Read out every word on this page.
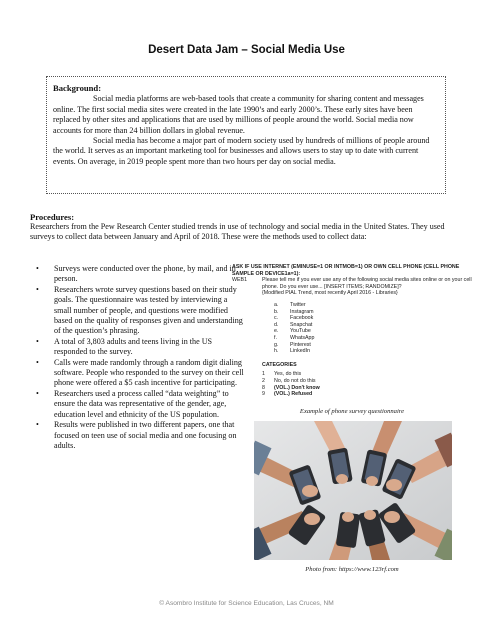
Desert Data Jam – Social Media Use
Background:

Social media platforms are web-based tools that create a community for sharing content and messages online. The first social media sites were created in the late 1990’s and early 2000’s. These early sites have been replaced by other sites and applications that are used by millions of people around the world. Social media now accounts for more than 24 billion dollars in global revenue.

Social media has become a major part of modern society used by hundreds of millions of people around the world. It serves as an important marketing tool for businesses and allows users to stay up to date with current events. On average, in 2019 people spent more than two hours per day on social media.

Procedures:
Researchers from the Pew Research Center studied trends in use of technology and social media in the United States. They used surveys to collect data between January and April of 2018. These were the methods used to collect data:
• Surveys were conducted over the phone, by mail, and in person.
• Researchers wrote survey questions based on their study goals. The questionnaire was tested by interviewing a small number of people, and questions were modified based on the quality of responses given and understanding of the question’s phrasing.
• A total of 3,803 adults and teens living in the US responded to the survey.
• Calls were made randomly through a random digit dialing software. People who responded to the survey on their cell phone were offered a $5 cash incentive for participating.
• Researchers used a process called “data weighting” to ensure the data was representative of the gender, age, education level and ethnicity of the US population.
• Results were published in two different papers, one that focused on teen use of social media and one focusing on adults.
ASK IF USE INTERNET (EMINUSE=1 OR INTMOB=1) OR OWN CELL PHONE (CELL PHONE SAMPLE OR DEVICE1a=1):
WEB1	Please tell me if you ever use any of the following social media sites online or on your cell phone. Do you ever use... [INSERT ITEMS; RANDOMIZE]?
{Modified PIAL Trend, most recently April 2016 - Libraries}
a.	Twitter
b.	Instagram
c.	Facebook
d.	Snapchat
e.	YouTube
f.	WhatsApp
g.	Pinterest
h.	LinkedIn
CATEGORIES
1	Yes, do this
2	No, do not do this
8	(VOL.) Don't know
9	(VOL.) Refused
Example of phone survey questionnaire
Photo from: https://www.123rf.com
© Asombro Institute for Science Education, Las Cruces, NM
